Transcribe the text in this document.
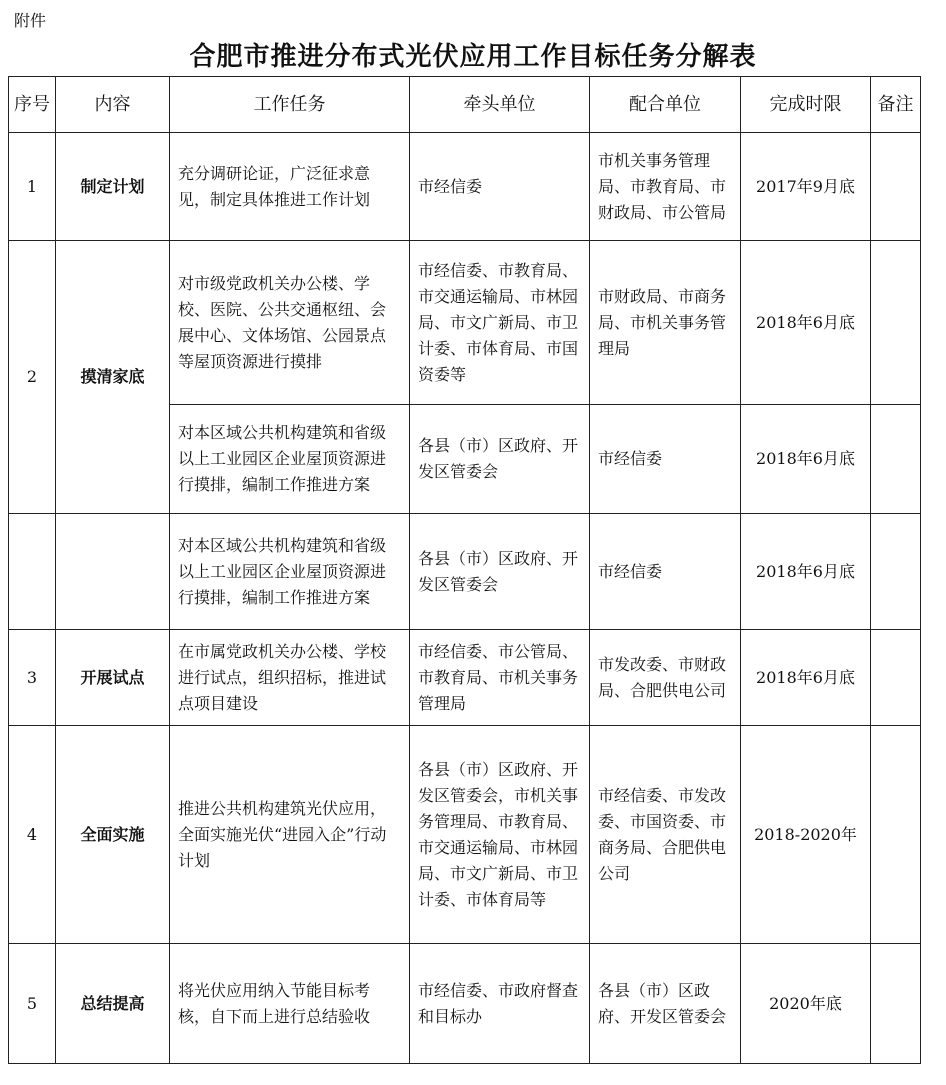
附件
合肥市推进分布式光伏应用工作目标任务分解表
序号	内容	工作任务	牵头单位	配合单位	完成时限	备注
1	制定计划	充分调研论证，广泛征求意见，制定具体推进工作计划	市经信委	市机关事务管理局、市教育局、市财政局、市公管局	2017年9月底	
2	摸清家底	对市级党政机关办公楼、学校、医院、公共交通枢纽、会展中心、文体场馆、公园景点等屋顶资源进行摸排	市经信委、市教育局、市交通运输局、市林园局、市文广新局、市卫计委、市体育局、市国资委等	市财政局、市商务局、市机关事务管理局	2018年6月底	
		对本区域公共机构建筑和省级以上工业园区企业屋顶资源进行摸排，编制工作推进方案	各县（市）区政府、开发区管委会	市经信委	2018年6月底	
		对本区域公共机构建筑和省级以上工业园区企业屋顶资源进行摸排，编制工作推进方案	各县（市）区政府、开发区管委会	市经信委	2018年6月底	
3	开展试点	在市属党政机关办公楼、学校进行试点，组织招标，推进试点项目建设	市经信委、市公管局、市教育局、市机关事务管理局	市发改委、市财政局、合肥供电公司	2018年6月底	
4	全面实施	推进公共机构建筑光伏应用，全面实施光伏“进园入企”行动计划	各县（市）区政府、开发区管委会，市机关事务管理局、市教育局、市交通运输局、市林园局、市文广新局、市卫计委、市体育局等	市经信委、市发改委、市国资委、市商务局、合肥供电公司	2018-2020年	
5	总结提高	将光伏应用纳入节能目标考核，自下而上进行总结验收	市经信委、市政府督查和目标办	各县（市）区政府、开发区管委会	2020年底	
